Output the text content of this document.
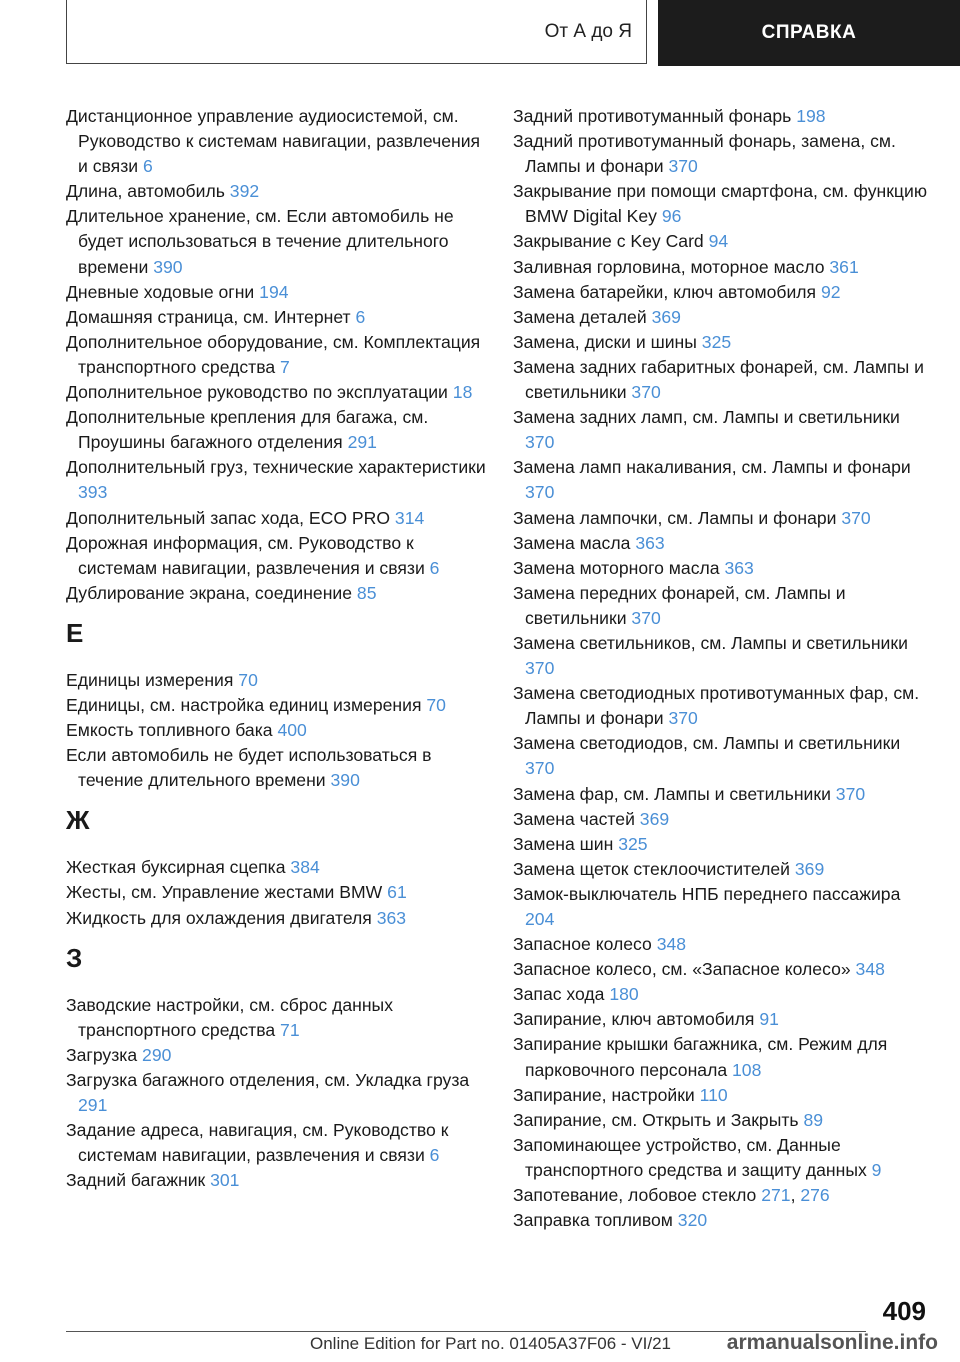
От А до Я	СПРАВКА

Дистанционное управление аудиосистемой, см. Руководство к системам навигации, развлечения и связи 6

Длина, автомобиль 392

Длительное хранение, см. Если автомобиль не будет использоваться в течение длительного времени 390

Дневные ходовые огни 194

Домашняя страница, см. Интернет 6

Дополнительное оборудование, см. Комплектация транспортного средства 7

Дополнительное руководство по эксплуатации 18

Дополнительные крепления для багажа, см. Проушины багажного отделения 291

Дополнительный груз, технические характеристики 393

Дополнительный запас хода, ECO PRO 314

Дорожная информация, см. Руководство к системам навигации, развлечения и связи 6

Дублирование экрана, соединение 85

Е

Единицы измерения 70

Единицы, см. настройка единиц измерения 70

Емкость топливного бака 400

Если автомобиль не будет использоваться в течение длительного времени 390

Ж

Жесткая буксирная сцепка 384

Жесты, см. Управление жестами BMW 61

Жидкость для охлаждения двигателя 363

З

Заводские настройки, см. сброс данных транспортного средства 71

Загрузка 290

Загрузка багажного отделения, см. Укладка груза 291

Задание адреса, навигация, см. Руководство к системам навигации, развлечения и связи 6

Задний багажник 301

Задний противотуманный фонарь 198

Задний противотуманный фонарь, замена, см. Лампы и фонари 370

Закрывание при помощи смартфона, см. функцию BMW Digital Key 96

Закрывание с Key Card 94

Заливная горловина, моторное масло 361

Замена батарейки, ключ автомобиля 92

Замена деталей 369

Замена, диски и шины 325

Замена задних габаритных фонарей, см. Лампы и светильники 370

Замена задних ламп, см. Лампы и светильники 370

Замена ламп накаливания, см. Лампы и фонари 370

Замена лампочки, см. Лампы и фонари 370

Замена масла 363

Замена моторного масла 363

Замена передних фонарей, см. Лампы и светильники 370

Замена светильников, см. Лампы и светильники 370

Замена светодиодных противотуманных фар, см. Лампы и фонари 370

Замена светодиодов, см. Лампы и светильники 370

Замена фар, см. Лампы и светильники 370

Замена частей 369

Замена шин 325

Замена щеток стеклоочистителей 369

Замок-выключатель НПБ переднего пассажира 204

Запасное колесо 348

Запасное колесо, см. «Запасное колесо» 348

Запас хода 180

Запирание, ключ автомобиля 91

Запирание крышки багажника, см. Режим для парковочного персонала 108

Запирание, настройки 110

Запирание, см. Открыть и Закрыть 89

Запоминающее устройство, см. Данные транспортного средства и защиту данных 9

Запотевание, лобовое стекло 271, 276

Заправка топливом 320

409
Online Edition for Part no. 01405A37F06 - VI/21	armanualsonline.info
